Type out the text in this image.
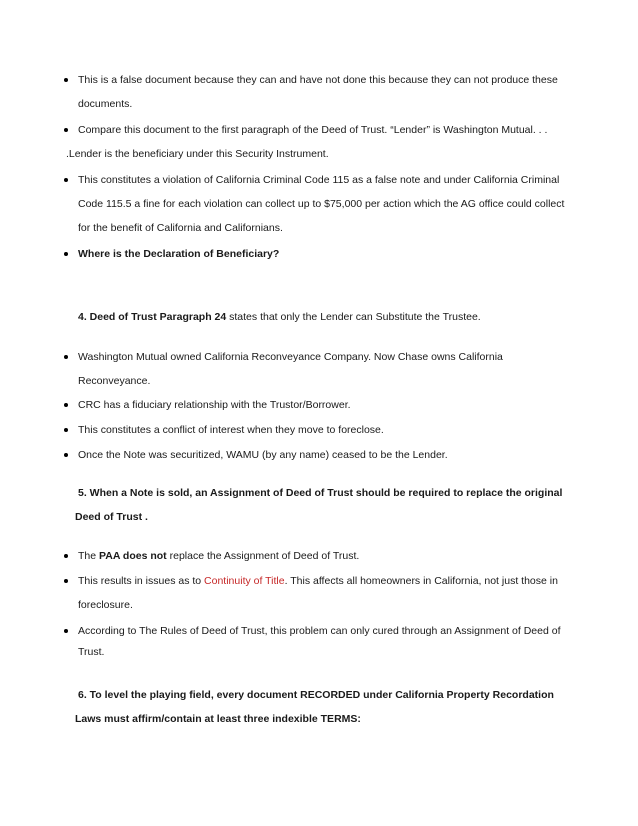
This is a false document because they can and have not done this because they can not produce these
documents.
Compare this document to the first paragraph of the Deed of Trust. “Lender” is Washington Mutual. . .
.Lender is the beneficiary under this Security Instrument.
This constitutes a violation of California Criminal Code 115 as a false note and under California Criminal
Code 115.5 a fine for each violation can collect up to $75,000 per action which the AG office could collect
for the benefit of California and Californians.
Where is the Declaration of Beneficiary?
4. Deed of Trust Paragraph 24 states that only the Lender can Substitute the Trustee.
Washington Mutual owned California Reconveyance Company. Now Chase owns California
Reconveyance.
CRC has a fiduciary relationship with the Trustor/Borrower.
This constitutes a conflict of interest when they move to foreclose.
Once the Note was securitized, WAMU (by any name) ceased to be the Lender.
5. When a Note is sold, an Assignment of Deed of Trust should be required to replace the original
Deed of Trust .
The PAA does not replace the Assignment of Deed of Trust.
This results in issues as to Continuity of Title. This affects all homeowners in California, not just those in
foreclosure.
According to The Rules of Deed of Trust, this problem can only cured through an Assignment of Deed of
Trust.
6. To level the playing field, every document RECORDED under California Property Recordation
Laws must affirm/contain at least three indexible TERMS:
